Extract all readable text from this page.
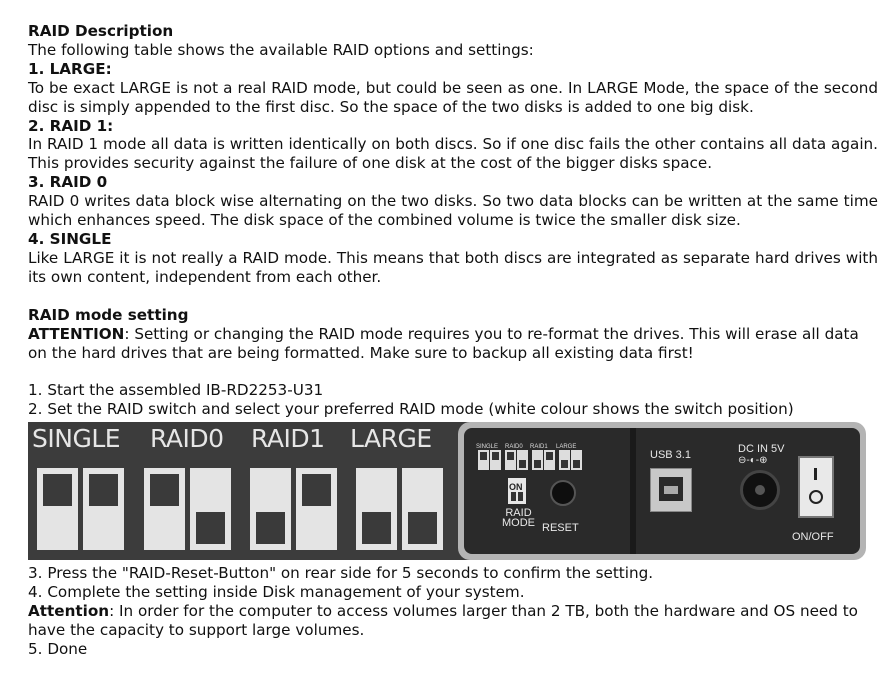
RAID Description

The following table shows the available RAID options and settings:

1. LARGE:

To be exact LARGE is not a real RAID mode, but could be seen as one. In LARGE Mode, the space of the second disc is simply appended to the first disc. So the space of the two disks is added to one big disk.

2. RAID 1:

In RAID 1 mode all data is written identically on both discs. So if one disc fails the other contains all data again. This provides security against the failure of one disk at the cost of the bigger disks space.

3. RAID 0

RAID 0 writes data block wise alternating on the two disks. So two data blocks can be written at the same time which enhances speed. The disk space of the combined volume is twice the smaller disk size.

4. SINGLE

Like LARGE it is not really a RAID mode. This means that both discs are integrated as separate hard drives with its own content, independent from each other.

RAID mode setting

ATTENTION: Setting or changing the RAID mode requires you to re-format the drives. This will erase all data on the hard drives that are being formatted. Make sure to backup all existing data first!

1. Start the assembled IB-RD2253-U31

2. Set the RAID switch and select your preferred RAID mode (white colour shows the switch position)

SINGLE RAID0 RAID1 LARGE	SINGLE RAID0 RAID1 LARGE
ON
RAID
MODE RESET
USB 3.1	DC IN 5V
⊖-◐-⊕
ON/OFF

3. Press the "RAID-Reset-Button" on rear side for 5 seconds to confirm the setting.

4. Complete the setting inside Disk management of your system.

Attention: In order for the computer to access volumes larger than 2 TB, both the hardware and OS need to have the capacity to support large volumes.

5. Done
